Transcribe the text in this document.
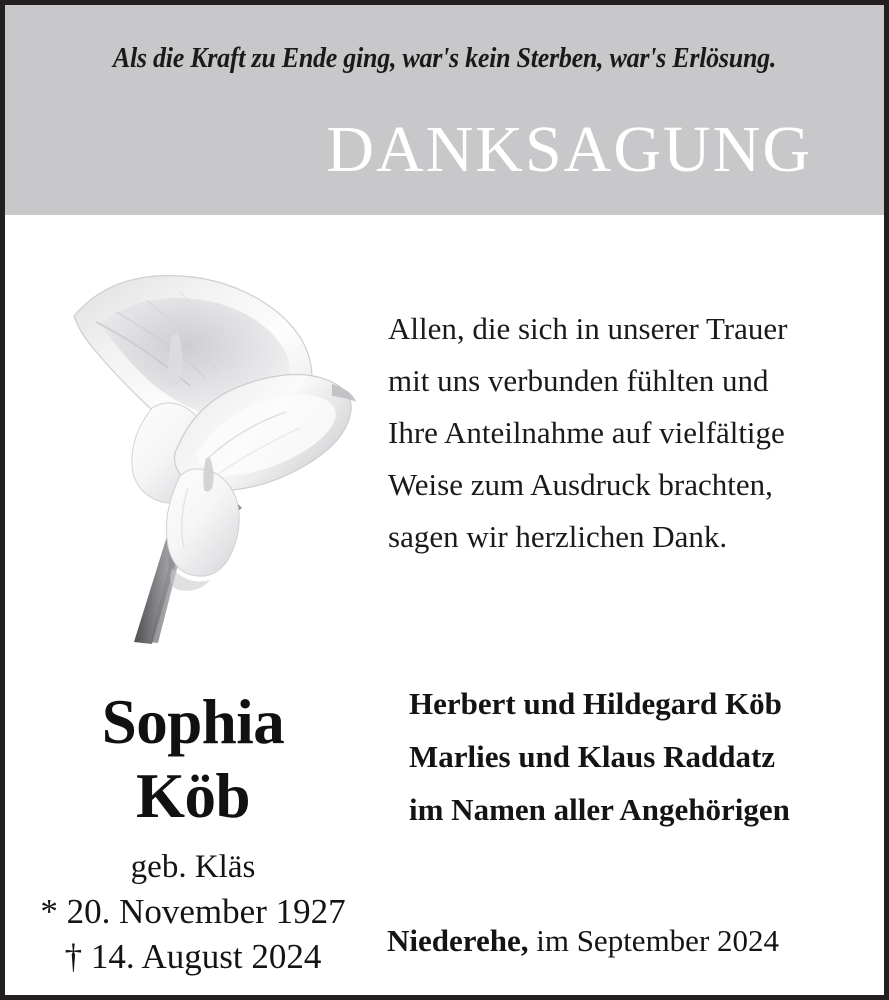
Als die Kraft zu Ende ging, war's kein Sterben, war's Erlösung.
DANKSAGUNG
Allen, die sich in unserer Trauer
mit uns verbunden fühlten und
Ihre Anteilnahme auf vielfältige
Weise zum Ausdruck brachten,
sagen wir herzlichen Dank.
Sophia
Köb
geb. Kläs
* 20. November 1927
† 14. August 2024
Herbert und Hildegard Köb
Marlies und Klaus Raddatz
im Namen aller Angehörigen
Niederehe, im September 2024
